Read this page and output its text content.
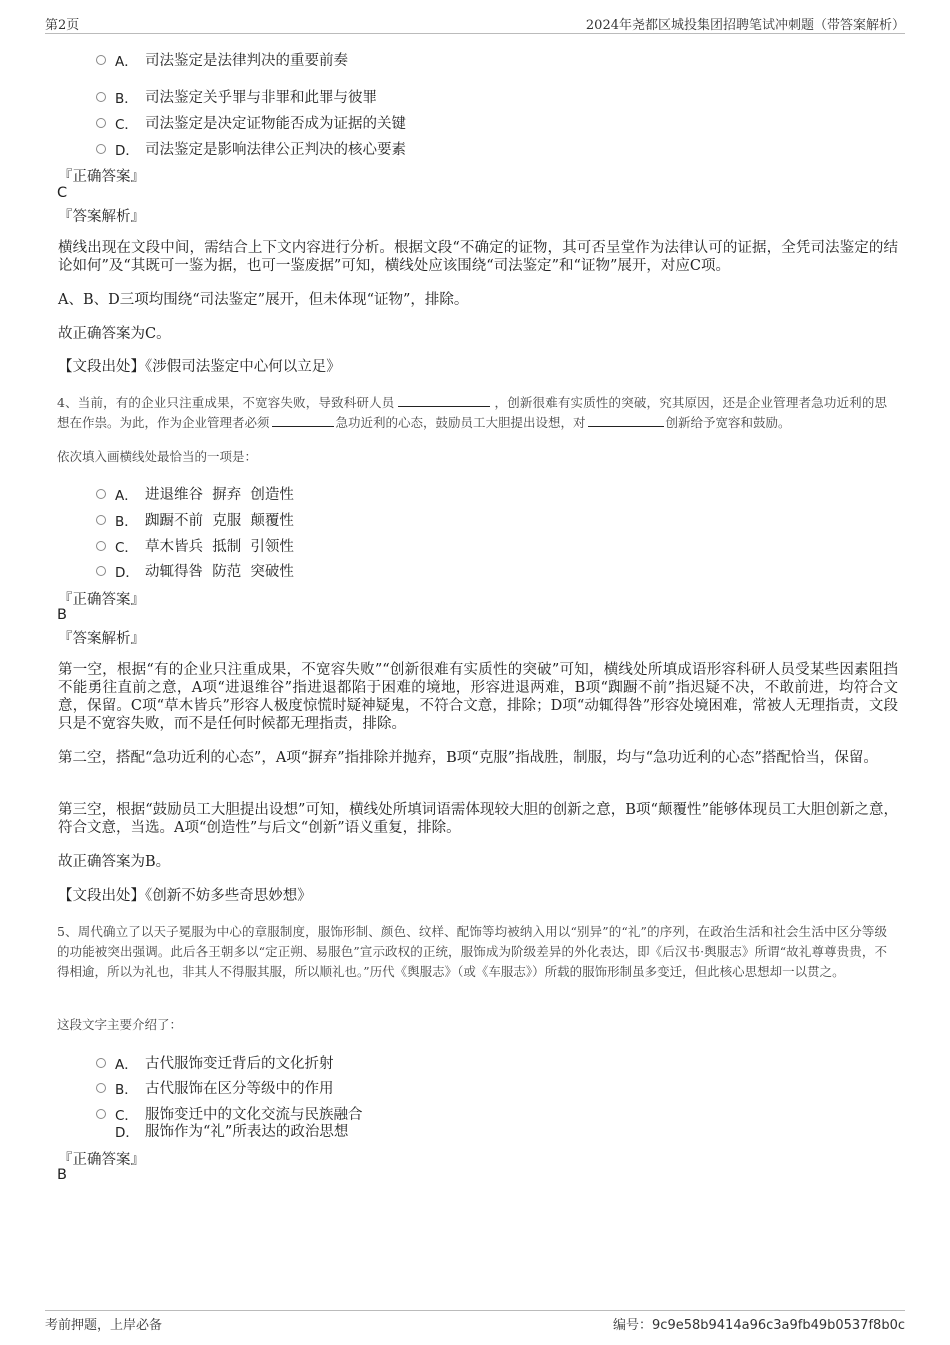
第2页	2024年尧都区城投集团招聘笔试冲刺题（带答案解析）
A． 司法鉴定是法律判决的重要前奏
B． 司法鉴定关乎罪与非罪和此罪与彼罪
C． 司法鉴定是决定证物能否成为证据的关键
D． 司法鉴定是影响法律公正判决的核心要素
『正确答案』
C
『答案解析』
横线出现在文段中间，需结合上下文内容进行分析。根据文段“不确定的证物，其可否呈堂作为法律认可的证据，全凭司法鉴定的结论如何”及“其既可一鉴为据，也可一鉴废据”可知，横线处应该围绕“司法鉴定”和“证物”展开，对应C项。
A、B、D三项均围绕“司法鉴定”展开，但未体现“证物”，排除。
故正确答案为C。
【文段出处】《涉假司法鉴定中心何以立足》
4、当前，有的企业只注重成果，不宽容失败，导致科研人员	，创新很难有实质性的突破，究其原因，还是企业管理者急功近利的思想在作祟。为此，作为企业管理者必须	急功近利的心态，鼓励员工大胆提出设想，对	创新给予宽容和鼓励。
依次填入画横线处最恰当的一项是：
A． 进退维谷  摒弃  创造性
B． 踟蹰不前  克服  颠覆性
C． 草木皆兵  抵制  引领性
D． 动辄得咎  防范  突破性
『正确答案』
B
『答案解析』
第一空，根据“有的企业只注重成果，不宽容失败”“创新很难有实质性的突破”可知，横线处所填成语形容科研人员受某些因素阻挡不能勇往直前之意，A项“进退维谷”指进退都陷于困难的境地，形容进退两难，B项“踟蹰不前”指迟疑不决，不敢前进，均符合文意，保留。C项“草木皆兵”形容人极度惊慌时疑神疑鬼，不符合文意，排除；D项“动辄得咎”形容处境困难，常被人无理指责，文段只是不宽容失败，而不是任何时候都无理指责，排除。
第二空，搭配“急功近利的心态”，A项“摒弃”指排除并抛弃，B项“克服”指战胜，制服，均与“急功近利的心态”搭配恰当，保留。
第三空，根据“鼓励员工大胆提出设想”可知，横线处所填词语需体现较大胆的创新之意，B项“颠覆性”能够体现员工大胆创新之意，符合文意，当选。A项“创造性”与后文“创新”语义重复，排除。
故正确答案为B。
【文段出处】《创新不妨多些奇思妙想》
5、周代确立了以天子冕服为中心的章服制度，服饰形制、颜色、纹样、配饰等均被纳入用以“别异”的“礼”的序列，在政治生活和社会生活中区分等级的功能被突出强调。此后各王朝多以“定正朔、易服色”宣示政权的正统，服饰成为阶级差异的外化表达，即《后汉书·舆服志》所谓“故礼尊尊贵贵，不得相逾，所以为礼也，非其人不得服其服，所以顺礼也。”历代《舆服志》（或《车服志》）所载的服饰形制虽多变迁，但此核心思想却一以贯之。
这段文字主要介绍了：
A． 古代服饰变迁背后的文化折射
B． 古代服饰在区分等级中的作用
C． 服饰变迁中的文化交流与民族融合
D． 服饰作为“礼”所表达的政治思想
『正确答案』
B
考前押题，上岸必备	编号：9c9e58b9414a96c3a9fb49b0537f8b0c
